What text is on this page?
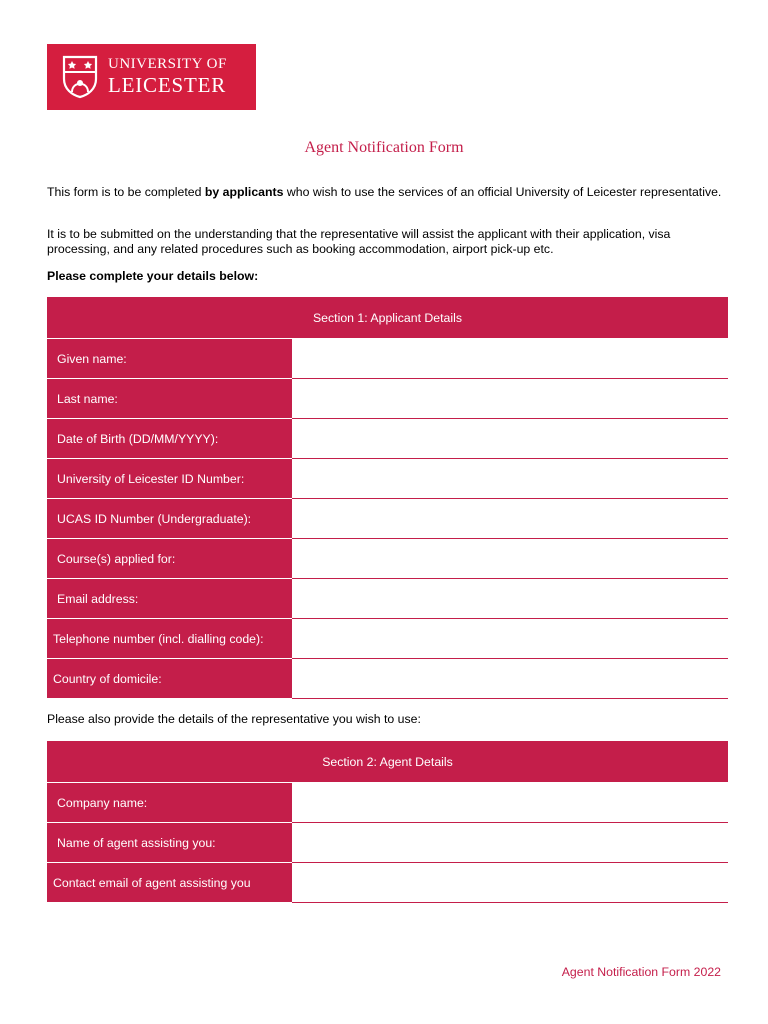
UNIVERSITY OF
LEICESTER
Agent Notification Form

This form is to be completed by applicants who wish to use the services of an official University of Leicester representative.

It is to be submitted on the understanding that the representative will assist the applicant with their application, visa processing, and any related procedures such as booking accommodation, airport pick-up etc.

Please complete your details below:

Section 1: Applicant Details
Given name:
Last name:
Date of Birth (DD/MM/YYYY):
University of Leicester ID Number:
UCAS ID Number (Undergraduate):
Course(s) applied for:
Email address:
Telephone number (incl. dialling code):
Country of domicile:

Please also provide the details of the representative you wish to use:

Section 2: Agent Details
Company name:
Name of agent assisting you:
Contact email of agent assisting you
Agent Notification Form 2022
